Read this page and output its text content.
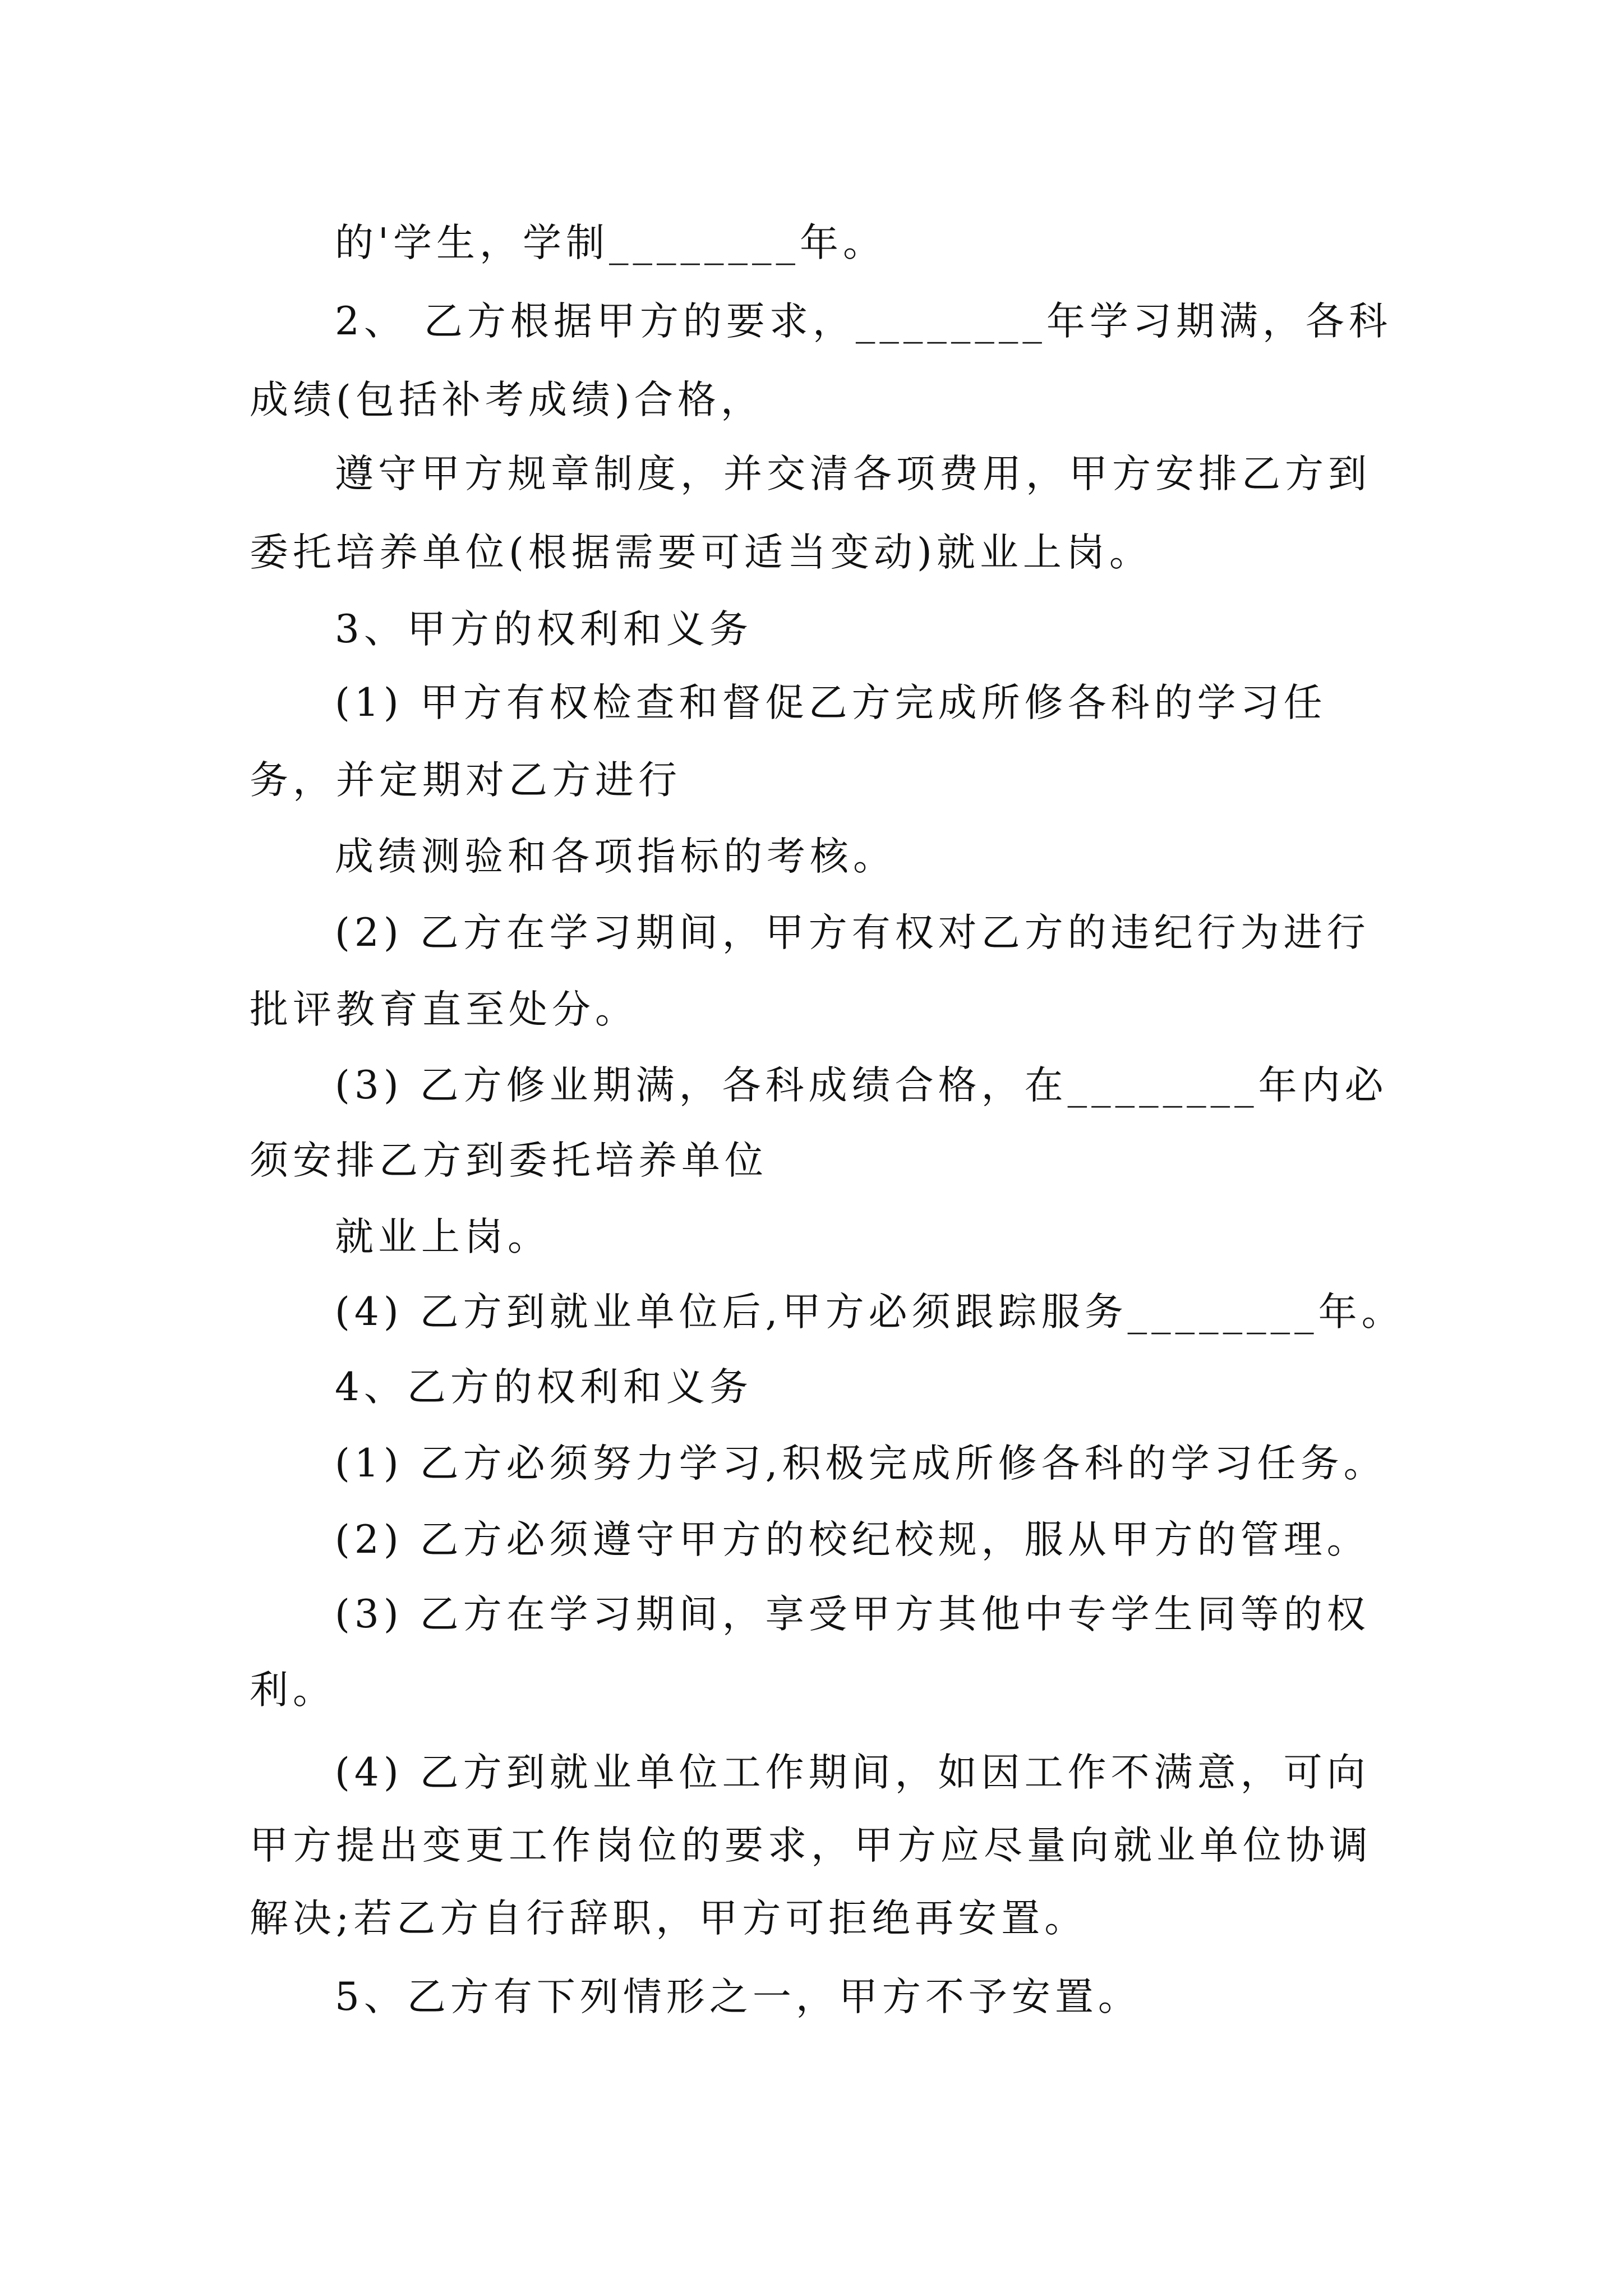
的'学生，学制________年。
2、 乙方根据甲方的要求，________年学习期满，各科
成绩(包括补考成绩)合格，
遵守甲方规章制度，并交清各项费用，甲方安排乙方到
委托培养单位(根据需要可适当变动)就业上岗。
3、甲方的权利和义务
(1) 甲方有权检查和督促乙方完成所修各科的学习任
务，并定期对乙方进行
成绩测验和各项指标的考核。
(2) 乙方在学习期间，甲方有权对乙方的违纪行为进行
批评教育直至处分。
(3) 乙方修业期满，各科成绩合格，在________年内必
须安排乙方到委托培养单位
就业上岗。
(4) 乙方到就业单位后,甲方必须跟踪服务________年。
4、乙方的权利和义务
(1) 乙方必须努力学习,积极完成所修各科的学习任务。
(2) 乙方必须遵守甲方的校纪校规，服从甲方的管理。
(3) 乙方在学习期间，享受甲方其他中专学生同等的权
利。
(4) 乙方到就业单位工作期间，如因工作不满意，可向
甲方提出变更工作岗位的要求，甲方应尽量向就业单位协调
解决;若乙方自行辞职，甲方可拒绝再安置。
5、乙方有下列情形之一，甲方不予安置。
